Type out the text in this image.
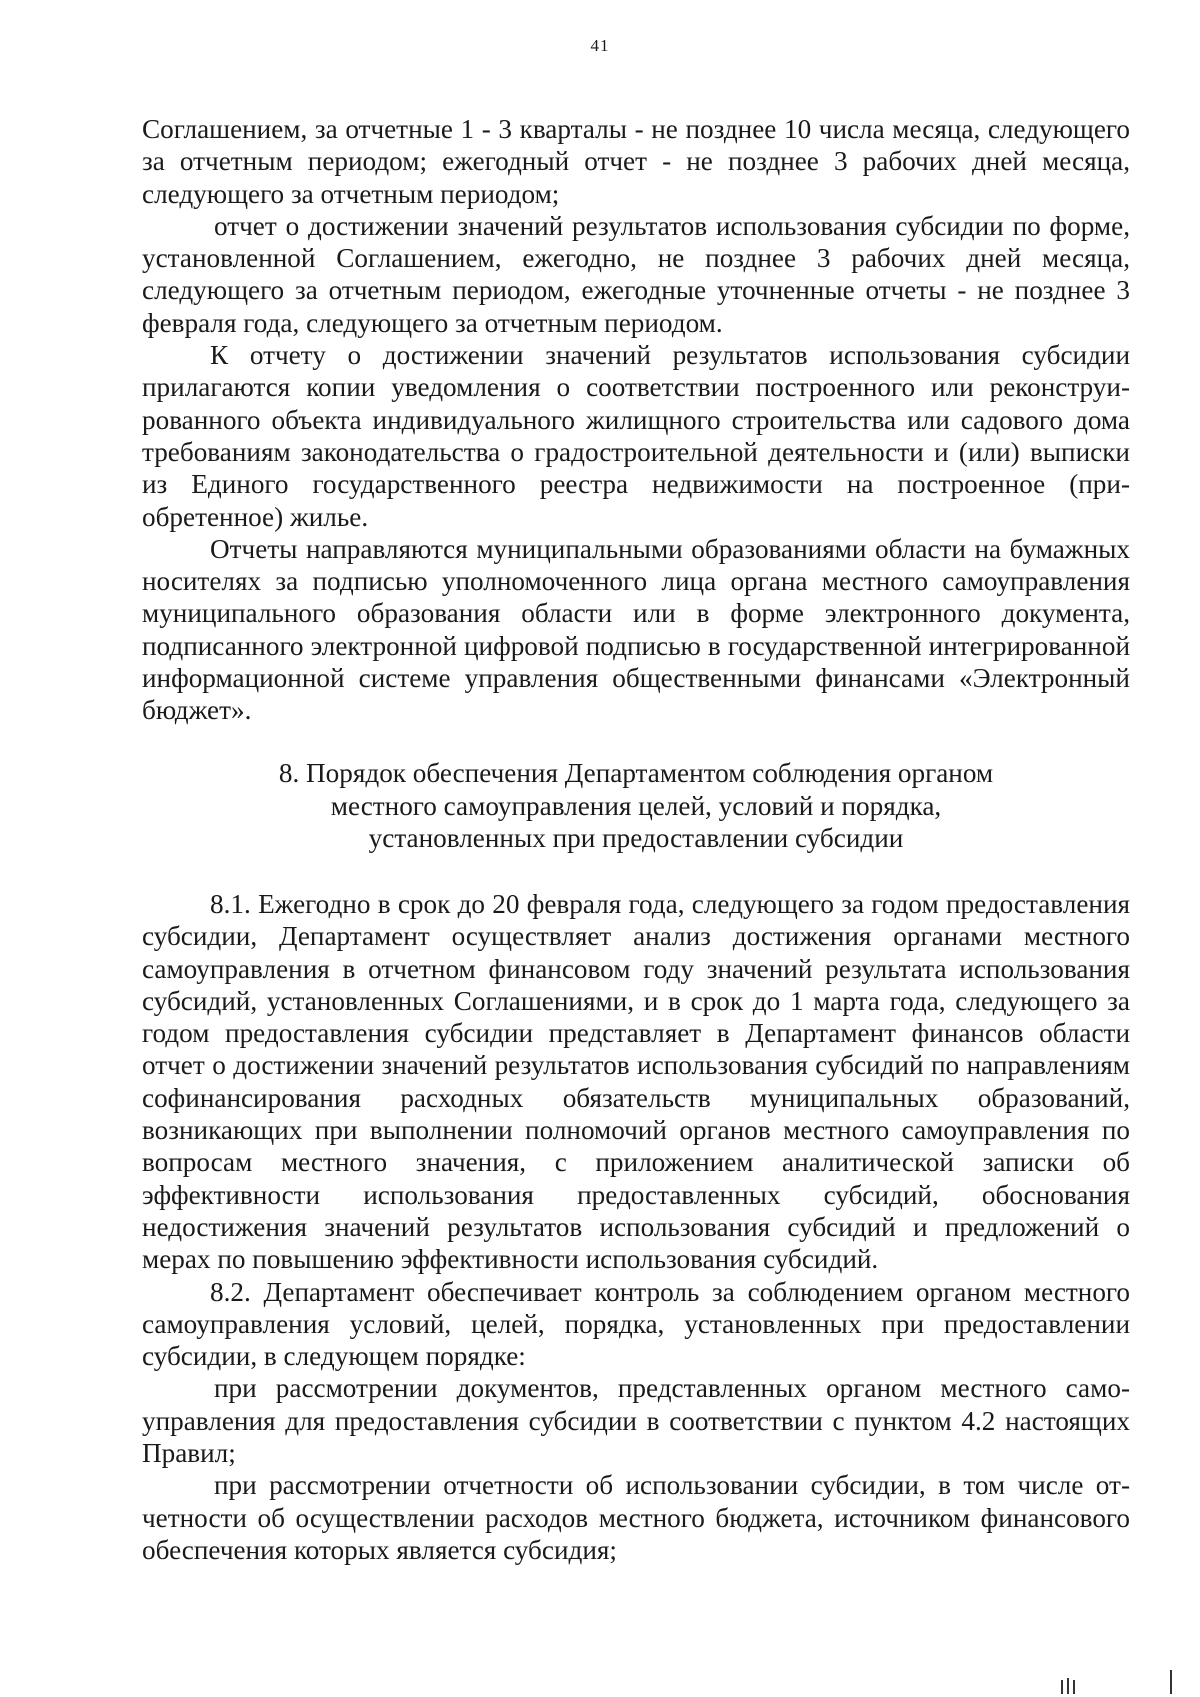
41

Соглашением, за отчетные 1 - 3 кварталы - не позднее 10 числа месяца, следующего за отчетным периодом; ежегодный отчет - не позднее 3 рабочих дней месяца, следующего за отчетным периодом;

отчет о достижении значений результатов использования субсидии по форме, установленной Соглашением, ежегодно, не позднее 3 рабочих дней месяца, следующего за отчетным периодом, ежегодные уточненные отчеты - не позднее 3 февраля года, следующего за отчетным периодом.

К отчету о достижении значений результатов использования субсидии прилагаются копии уведомления о соответствии построенного или реконструированного объекта индивидуального жилищного строительства или садового дома требованиям законодательства о градостроительной деятельности и (или) выписки из Единого государственного реестра недвижимости на построенное (приобретенное) жилье.

Отчеты направляются муниципальными образованиями области на бумажных носителях за подписью уполномоченного лица органа местного самоуправления муниципального образования области или в форме электронного документа, подписанного электронной цифровой подписью в государственной интегрированной информационной системе управления общественными финансами «Электронный бюджет».

8. Порядок обеспечения Департаментом соблюдения органом
местного самоуправления целей, условий и порядка,
установленных при предоставлении субсидии

8.1. Ежегодно в срок до 20 февраля года, следующего за годом предоставления субсидии, Департамент осуществляет анализ достижения органами местного самоуправления в отчетном финансовом году значений результата использования субсидий, установленных Соглашениями, и в срок до 1 марта года, следующего за годом предоставления субсидии представляет в Департамент финансов области отчет о достижении значений результатов использования субсидий по направлениям софинансирования расходных обязательств муниципальных образований, возникающих при выполнении полномочий органов местного самоуправления по вопросам местного значения, с приложением аналитической записки об эффективности использования предоставленных субсидий, обоснования недостижения значений результатов использования субсидий и предложений о мерах по повышению эффективности использования субсидий.

8.2. Департамент обеспечивает контроль за соблюдением органом местного самоуправления условий, целей, порядка, установленных при предоставлении субсидии, в следующем порядке:

при рассмотрении документов, представленных органом местного самоуправления для предоставления субсидии в соответствии с пунктом 4.2 настоящих Правил;

при рассмотрении отчетности об использовании субсидии, в том числе отчетности об осуществлении расходов местного бюджета, источником финансового обеспечения которых является субсидия;
